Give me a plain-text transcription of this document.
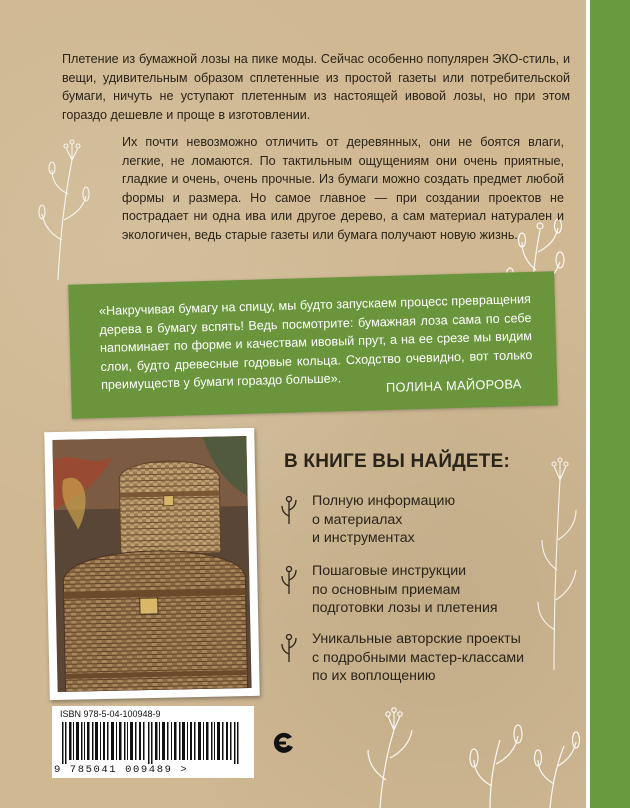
Плетение из бумажной лозы на пике моды. Сейчас особенно популярен ЭКО-стиль, и вещи, удивительным образом сплетенные из простой газеты или потребительской бумаги, ничуть не уступают плетенным из настоящей ивовой лозы, но при этом гораздо дешевле и проще в изготовлении.

Их почти невозможно отличить от деревянных, они не боятся влаги, легкие, не ломаются. По тактильным ощущениям они очень приятные, гладкие и очень, очень прочные. Из бумаги можно создать предмет любой формы и размера. Но самое главное — при создании проектов не пострадает ни одна ива или другое дерево, а сам материал натурален и экологичен, ведь старые газеты или бумага получают новую жизнь.

«Накручивая бумагу на спицу, мы будто запускаем процесс превращения дерева в бумагу вспять! Ведь посмотрите: бумажная лоза сама по себе напоминает по форме и качествам ивовый прут, а на ее срезе мы видим слои, будто древесные годовые кольца. Сходство очевидно, вот только преимуществ у бумаги гораздо больше».	ПОЛИНА МАЙОРОВА
В КНИГЕ ВЫ НАЙДЕТЕ:
Полную информацию
о материалах
и инструментах
Пошаговые инструкции
по основным приемам
подготовки лозы и плетения
Уникальные авторские проекты
с подробными мастер-классами
по их воплощению
ISBN 978-5-04-100948-9
9 785041 009489 >
